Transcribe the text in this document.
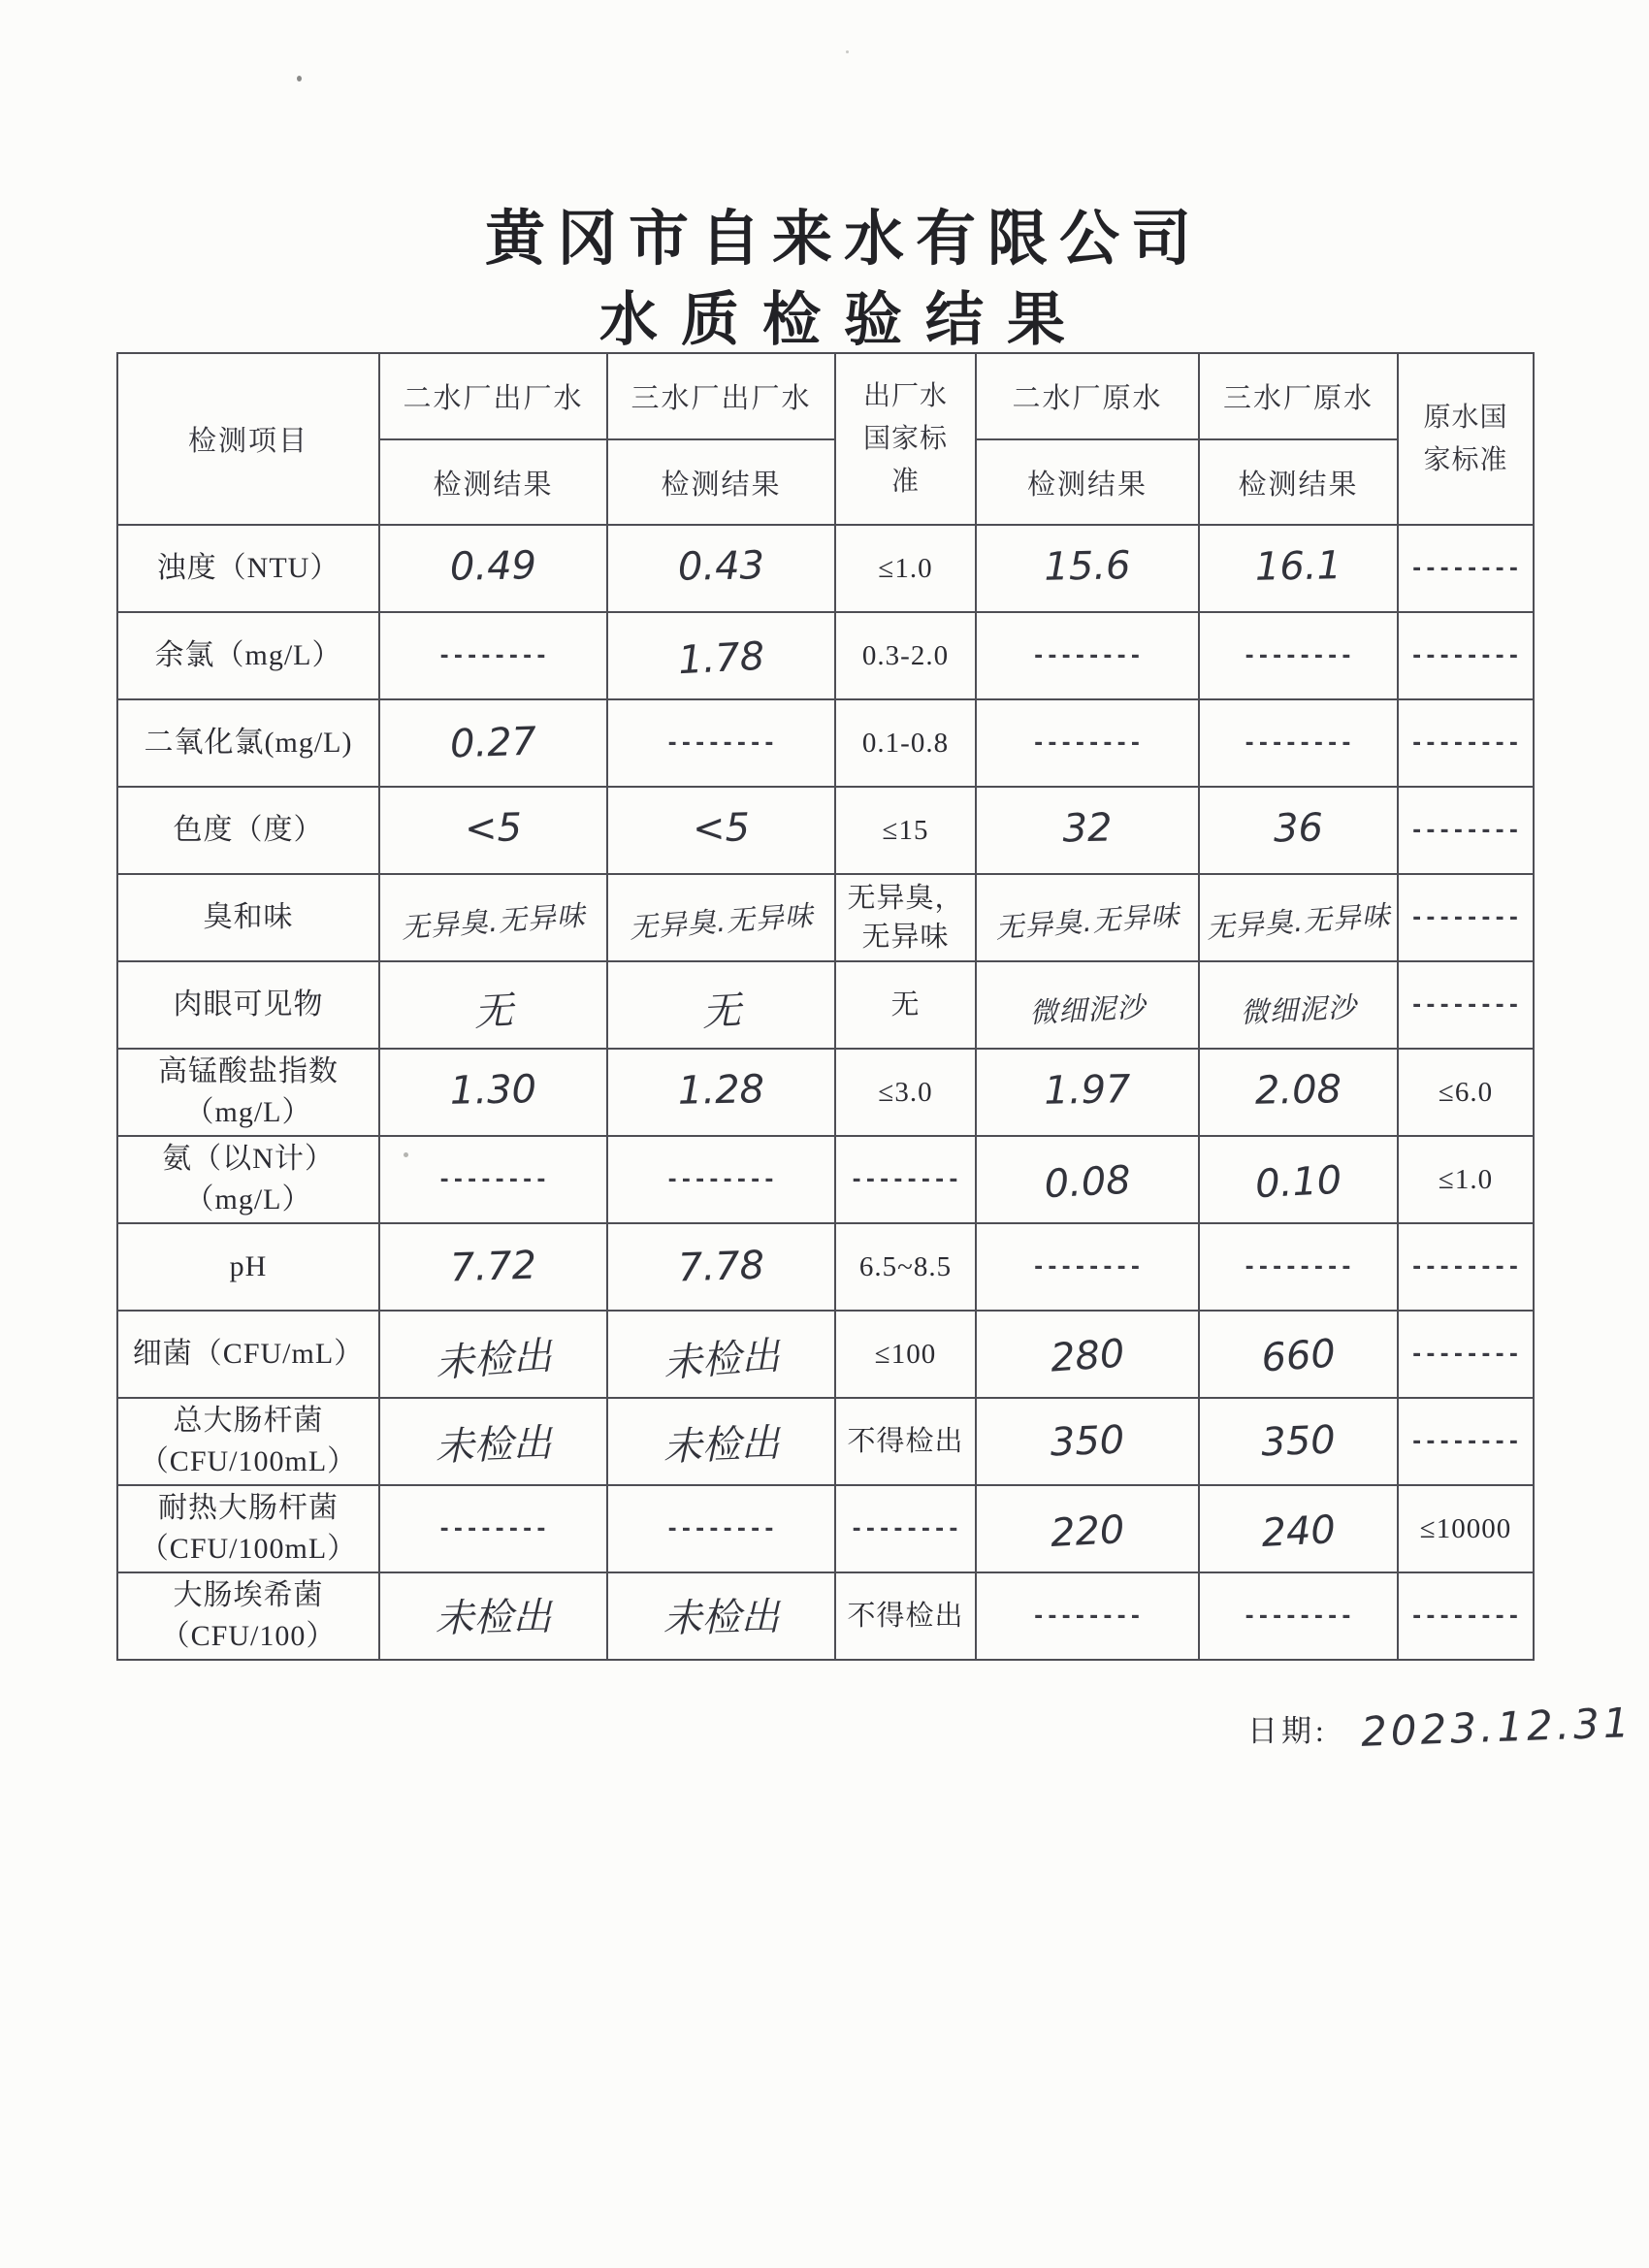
黄冈市自来水有限公司
水质检验结果
检测项目	二水厂出厂水	三水厂出厂水	出厂水国家标准	二水厂原水	三水厂原水	原水国家标准
	检测结果	检测结果		检测结果	检测结果	

浊度（NTU）	0.49	0.43	≤1.0	15.6	16.1	--------

余氯（mg/L）	--------	1.78	0.3-2.0	--------	--------	--------

二氧化氯(mg/L)	0.27	--------	0.1-0.8	--------	--------	--------

色度（度）	<5	<5	≤15	32	36	--------

臭和味	无异臭.无异味	无异臭.无异味	无异臭，
无异味	无异臭.无异味	无异臭.无异味	--------

肉眼可见物	无	无	无	微细泥沙	微细泥沙	--------

高锰酸盐指数
（mg/L）	1.30	1.28	≤3.0	1.97	2.08	≤6.0

氨（以N计）
（mg/L）	--------	--------	--------	0.08	0.10	≤1.0

pH	7.72	7.78	6.5~8.5	--------	--------	--------

细菌（CFU/mL）	未检出	未检出	≤100	280	660	--------

总大肠杆菌
（CFU/100mL）	未检出	未检出	不得检出	350	350	--------

耐热大肠杆菌
（CFU/100mL）	--------	--------	--------	220	240	≤10000

大肠埃希菌
（CFU/100）	未检出	未检出	不得检出	--------	--------	--------
日期: 2023.12.31
